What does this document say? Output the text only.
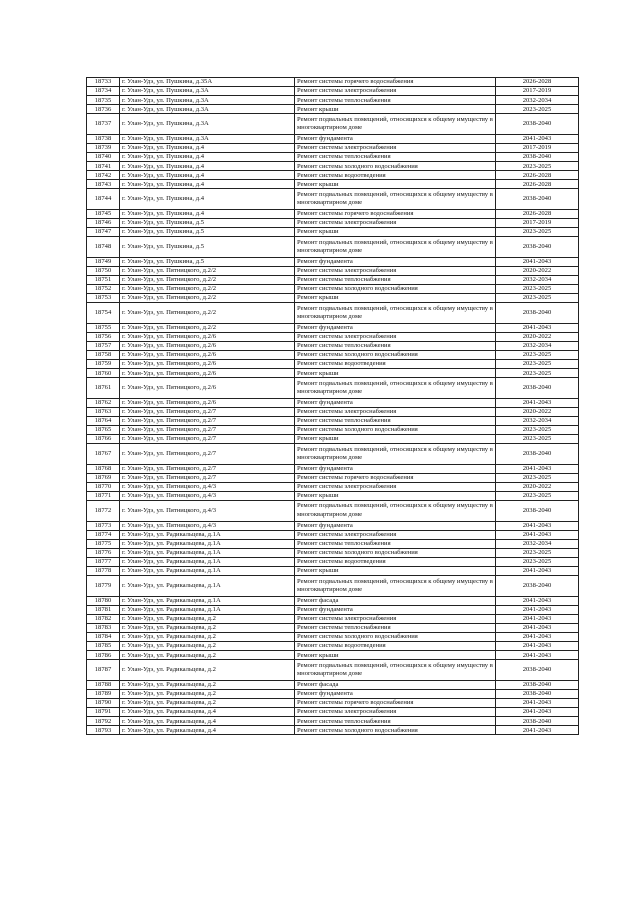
18733	г. Улан-Удэ, ул. Пушкина, д.35А	Ремонт системы горячего водоснабжения	2026-2028
18734	г. Улан-Удэ, ул. Пушкина, д.3А	Ремонт системы электроснабжения	2017-2019
18735	г. Улан-Удэ, ул. Пушкина, д.3А	Ремонт системы теплоснабжения	2032-2034
18736	г. Улан-Удэ, ул. Пушкина, д.3А	Ремонт крыши	2023-2025
18737	г. Улан-Удэ, ул. Пушкина, д.3А	Ремонт подвальных помещений, относящихся к общему имуществу в многоквартирном доме	2038-2040
18738	г. Улан-Удэ, ул. Пушкина, д.3А	Ремонт фундамента	2041-2043
18739	г. Улан-Удэ, ул. Пушкина, д.4	Ремонт системы электроснабжения	2017-2019
18740	г. Улан-Удэ, ул. Пушкина, д.4	Ремонт системы теплоснабжения	2038-2040
18741	г. Улан-Удэ, ул. Пушкина, д.4	Ремонт системы холодного водоснабжения	2023-2025
18742	г. Улан-Удэ, ул. Пушкина, д.4	Ремонт системы водоотведения	2026-2028
18743	г. Улан-Удэ, ул. Пушкина, д.4	Ремонт крыши	2026-2028
18744	г. Улан-Удэ, ул. Пушкина, д.4	Ремонт подвальных помещений, относящихся к общему имуществу в многоквартирном доме	2038-2040
18745	г. Улан-Удэ, ул. Пушкина, д.4	Ремонт системы горячего водоснабжения	2026-2028
18746	г. Улан-Удэ, ул. Пушкина, д.5	Ремонт системы электроснабжения	2017-2019
18747	г. Улан-Удэ, ул. Пушкина, д.5	Ремонт крыши	2023-2025
18748	г. Улан-Удэ, ул. Пушкина, д.5	Ремонт подвальных помещений, относящихся к общему имуществу в многоквартирном доме	2038-2040
18749	г. Улан-Удэ, ул. Пушкина, д.5	Ремонт фундамента	2041-2043
18750	г. Улан-Удэ, ул. Пятницкого, д.2/2	Ремонт системы электроснабжения	2020-2022
18751	г. Улан-Удэ, ул. Пятницкого, д.2/2	Ремонт системы теплоснабжения	2032-2034
18752	г. Улан-Удэ, ул. Пятницкого, д.2/2	Ремонт системы холодного водоснабжения	2023-2025
18753	г. Улан-Удэ, ул. Пятницкого, д.2/2	Ремонт крыши	2023-2025
18754	г. Улан-Удэ, ул. Пятницкого, д.2/2	Ремонт подвальных помещений, относящихся к общему имуществу в многоквартирном доме	2038-2040
18755	г. Улан-Удэ, ул. Пятницкого, д.2/2	Ремонт фундамента	2041-2043
18756	г. Улан-Удэ, ул. Пятницкого, д.2/6	Ремонт системы электроснабжения	2020-2022
18757	г. Улан-Удэ, ул. Пятницкого, д.2/6	Ремонт системы теплоснабжения	2032-2034
18758	г. Улан-Удэ, ул. Пятницкого, д.2/6	Ремонт системы холодного водоснабжения	2023-2025
18759	г. Улан-Удэ, ул. Пятницкого, д.2/6	Ремонт системы водоотведения	2023-2025
18760	г. Улан-Удэ, ул. Пятницкого, д.2/6	Ремонт крыши	2023-2025
18761	г. Улан-Удэ, ул. Пятницкого, д.2/6	Ремонт подвальных помещений, относящихся к общему имуществу в многоквартирном доме	2038-2040
18762	г. Улан-Удэ, ул. Пятницкого, д.2/6	Ремонт фундамента	2041-2043
18763	г. Улан-Удэ, ул. Пятницкого, д.2/7	Ремонт системы электроснабжения	2020-2022
18764	г. Улан-Удэ, ул. Пятницкого, д.2/7	Ремонт системы теплоснабжения	2032-2034
18765	г. Улан-Удэ, ул. Пятницкого, д.2/7	Ремонт системы холодного водоснабжения	2023-2025
18766	г. Улан-Удэ, ул. Пятницкого, д.2/7	Ремонт крыши	2023-2025
18767	г. Улан-Удэ, ул. Пятницкого, д.2/7	Ремонт подвальных помещений, относящихся к общему имуществу в многоквартирном доме	2038-2040
18768	г. Улан-Удэ, ул. Пятницкого, д.2/7	Ремонт фундамента	2041-2043
18769	г. Улан-Удэ, ул. Пятницкого, д.2/7	Ремонт системы горячего водоснабжения	2023-2025
18770	г. Улан-Удэ, ул. Пятницкого, д.4/3	Ремонт системы электроснабжения	2020-2022
18771	г. Улан-Удэ, ул. Пятницкого, д.4/3	Ремонт крыши	2023-2025
18772	г. Улан-Удэ, ул. Пятницкого, д.4/3	Ремонт подвальных помещений, относящихся к общему имуществу в многоквартирном доме	2038-2040
18773	г. Улан-Удэ, ул. Пятницкого, д.4/3	Ремонт фундамента	2041-2043
18774	г. Улан-Удэ, ул. Радикальцева, д.1А	Ремонт системы электроснабжения	2041-2043
18775	г. Улан-Удэ, ул. Радикальцева, д.1А	Ремонт системы теплоснабжения	2032-2034
18776	г. Улан-Удэ, ул. Радикальцева, д.1А	Ремонт системы холодного водоснабжения	2023-2025
18777	г. Улан-Удэ, ул. Радикальцева, д.1А	Ремонт системы водоотведения	2023-2025
18778	г. Улан-Удэ, ул. Радикальцева, д.1А	Ремонт крыши	2041-2043
18779	г. Улан-Удэ, ул. Радикальцева, д.1А	Ремонт подвальных помещений, относящихся к общему имуществу в многоквартирном доме	2038-2040
18780	г. Улан-Удэ, ул. Радикальцева, д.1А	Ремонт фасада	2041-2043
18781	г. Улан-Удэ, ул. Радикальцева, д.1А	Ремонт фундамента	2041-2043
18782	г. Улан-Удэ, ул. Радикальцева, д.2	Ремонт системы электроснабжения	2041-2043
18783	г. Улан-Удэ, ул. Радикальцева, д.2	Ремонт системы теплоснабжения	2041-2043
18784	г. Улан-Удэ, ул. Радикальцева, д.2	Ремонт системы холодного водоснабжения	2041-2043
18785	г. Улан-Удэ, ул. Радикальцева, д.2	Ремонт системы водоотведения	2041-2043
18786	г. Улан-Удэ, ул. Радикальцева, д.2	Ремонт крыши	2041-2043
18787	г. Улан-Удэ, ул. Радикальцева, д.2	Ремонт подвальных помещений, относящихся к общему имуществу в многоквартирном доме	2038-2040
18788	г. Улан-Удэ, ул. Радикальцева, д.2	Ремонт фасада	2038-2040
18789	г. Улан-Удэ, ул. Радикальцева, д.2	Ремонт фундамента	2038-2040
18790	г. Улан-Удэ, ул. Радикальцева, д.2	Ремонт системы горячего водоснабжения	2041-2043
18791	г. Улан-Удэ, ул. Радикальцева, д.4	Ремонт системы электроснабжения	2041-2043
18792	г. Улан-Удэ, ул. Радикальцева, д.4	Ремонт системы теплоснабжения	2038-2040
18793	г. Улан-Удэ, ул. Радикальцева, д.4	Ремонт системы холодного водоснабжения	2041-2043
